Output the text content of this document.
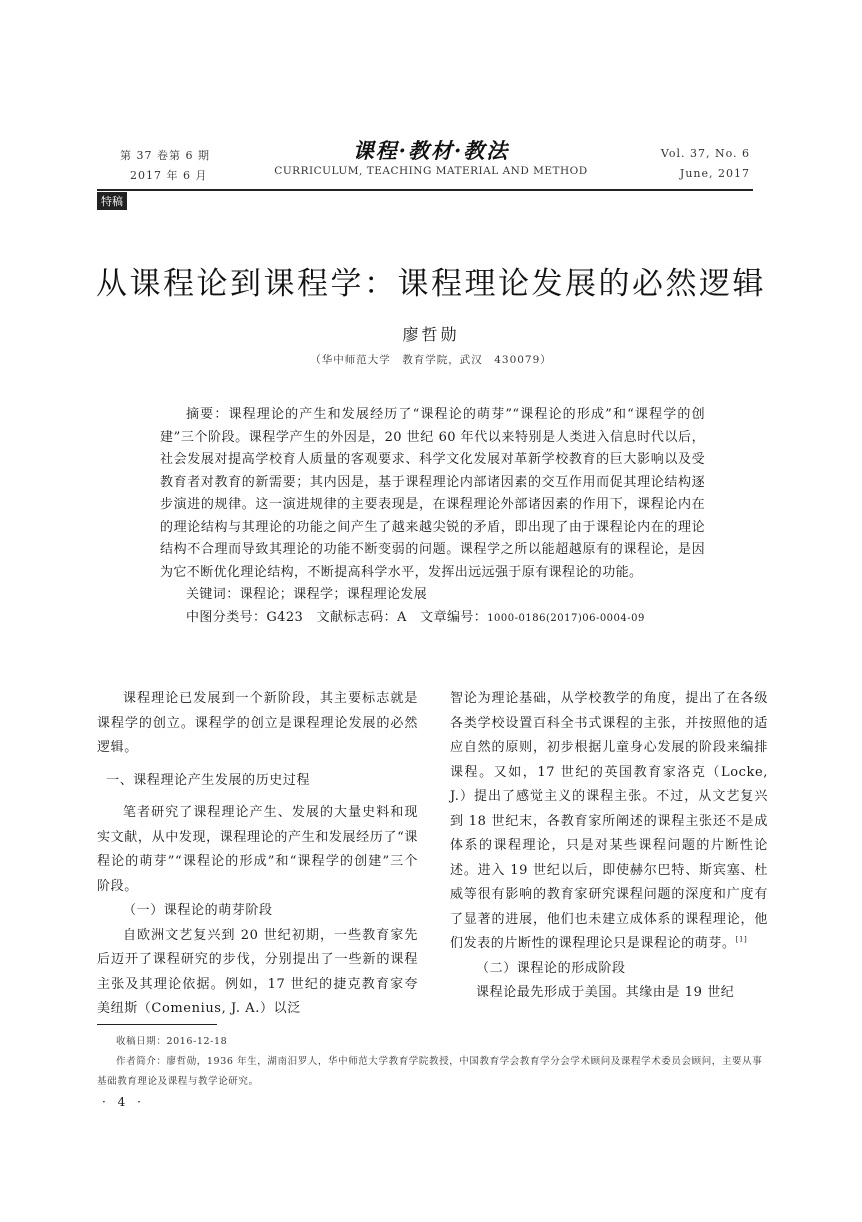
第 37 卷第 6 期
2017 年 6 月
课程·教材·教法
CURRICULUM, TEACHING MATERIAL AND METHOD
Vol. 37, No. 6
June, 2017
特稿
从课程论到课程学：课程理论发展的必然逻辑
廖哲勋
（华中师范大学　教育学院，武汉　430079）

摘要：课程理论的产生和发展经历了“课程论的萌芽”“课程论的形成”和“课程学的创建”三个阶段。课程学产生的外因是，20 世纪 60 年代以来特别是人类进入信息时代以后，社会发展对提高学校育人质量的客观要求、科学文化发展对革新学校教育的巨大影响以及受教育者对教育的新需要；其内因是，基于课程理论内部诸因素的交互作用而促其理论结构逐步演进的规律。这一演进规律的主要表现是，在课程理论外部诸因素的作用下，课程论内在的理论结构与其理论的功能之间产生了越来越尖锐的矛盾，即出现了由于课程论内在的理论结构不合理而导致其理论的功能不断变弱的问题。课程学之所以能超越原有的课程论，是因为它不断优化理论结构，不断提高科学水平，发挥出远远强于原有课程论的功能。

关键词：课程论；课程学；课程理论发展

中图分类号：G423　文献标志码：A　文章编号：1000-0186(2017)06-0004-09

课程理论已发展到一个新阶段，其主要标志就是课程学的创立。课程学的创立是课程理论发展的必然逻辑。

一、课程理论产生发展的历史过程

笔者研究了课程理论产生、发展的大量史料和现实文献，从中发现，课程理论的产生和发展经历了“课程论的萌芽”“课程论的形成”和“课程学的创建”三个阶段。

（一）课程论的萌芽阶段

自欧洲文艺复兴到 20 世纪初期，一些教育家先后迈开了课程研究的步伐，分别提出了一些新的课程主张及其理论依据。例如，17 世纪的捷克教育家夸美纽斯（Comenius, J. A.）以泛

智论为理论基础，从学校教学的角度，提出了在各级各类学校设置百科全书式课程的主张，并按照他的适应自然的原则，初步根据儿童身心发展的阶段来编排课程。又如，17 世纪的英国教育家洛克（Locke, J.）提出了感觉主义的课程主张。不过，从文艺复兴到 18 世纪末，各教育家所阐述的课程主张还不是成体系的课程理论，只是对某些课程问题的片断性论述。进入 19 世纪以后，即使赫尔巴特、斯宾塞、杜威等很有影响的教育家研究课程问题的深度和广度有了显著的进展，他们也未建立成体系的课程理论，他们发表的片断性的课程理论只是课程论的萌芽。[1]

（二）课程论的形成阶段

课程论最先形成于美国。其缘由是 19 世纪

收稿日期：2016-12-18

作者简介：廖哲勋，1936 年生，湖南汨罗人，华中师范大学教育学院教授，中国教育学会教育学分会学术顾问及课程学术委员会顾问，主要从事基础教育理论及课程与教学论研究。

· 4 ·
